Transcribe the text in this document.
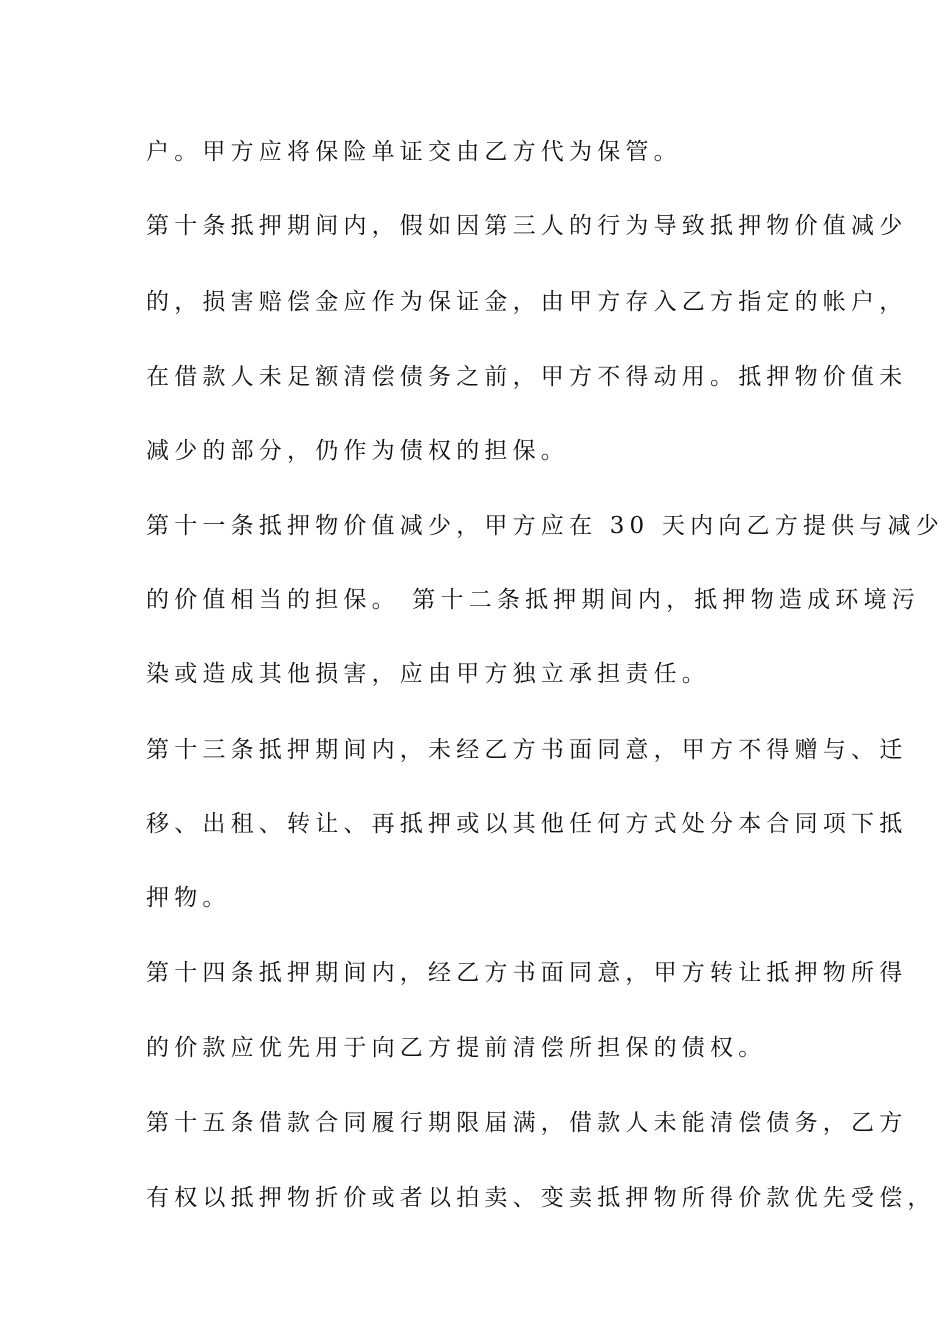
户。甲方应将保险单证交由乙方代为保管。
第十条抵押期间内，假如因第三人的行为导致抵押物价值减少
的，损害赔偿金应作为保证金，由甲方存入乙方指定的帐户，
在借款人未足额清偿债务之前，甲方不得动用。抵押物价值未
减少的部分，仍作为债权的担保。
第十一条抵押物价值减少，甲方应在 30 天内向乙方提供与减少
的价值相当的担保。 第十二条抵押期间内，抵押物造成环境污
染或造成其他损害，应由甲方独立承担责任。
第十三条抵押期间内，未经乙方书面同意，甲方不得赠与、迁
移、出租、转让、再抵押或以其他任何方式处分本合同项下抵
押物。
第十四条抵押期间内，经乙方书面同意，甲方转让抵押物所得
的价款应优先用于向乙方提前清偿所担保的债权。
第十五条借款合同履行期限届满，借款人未能清偿债务，乙方
有权以抵押物折价或者以拍卖、变卖抵押物所得价款优先受偿，
